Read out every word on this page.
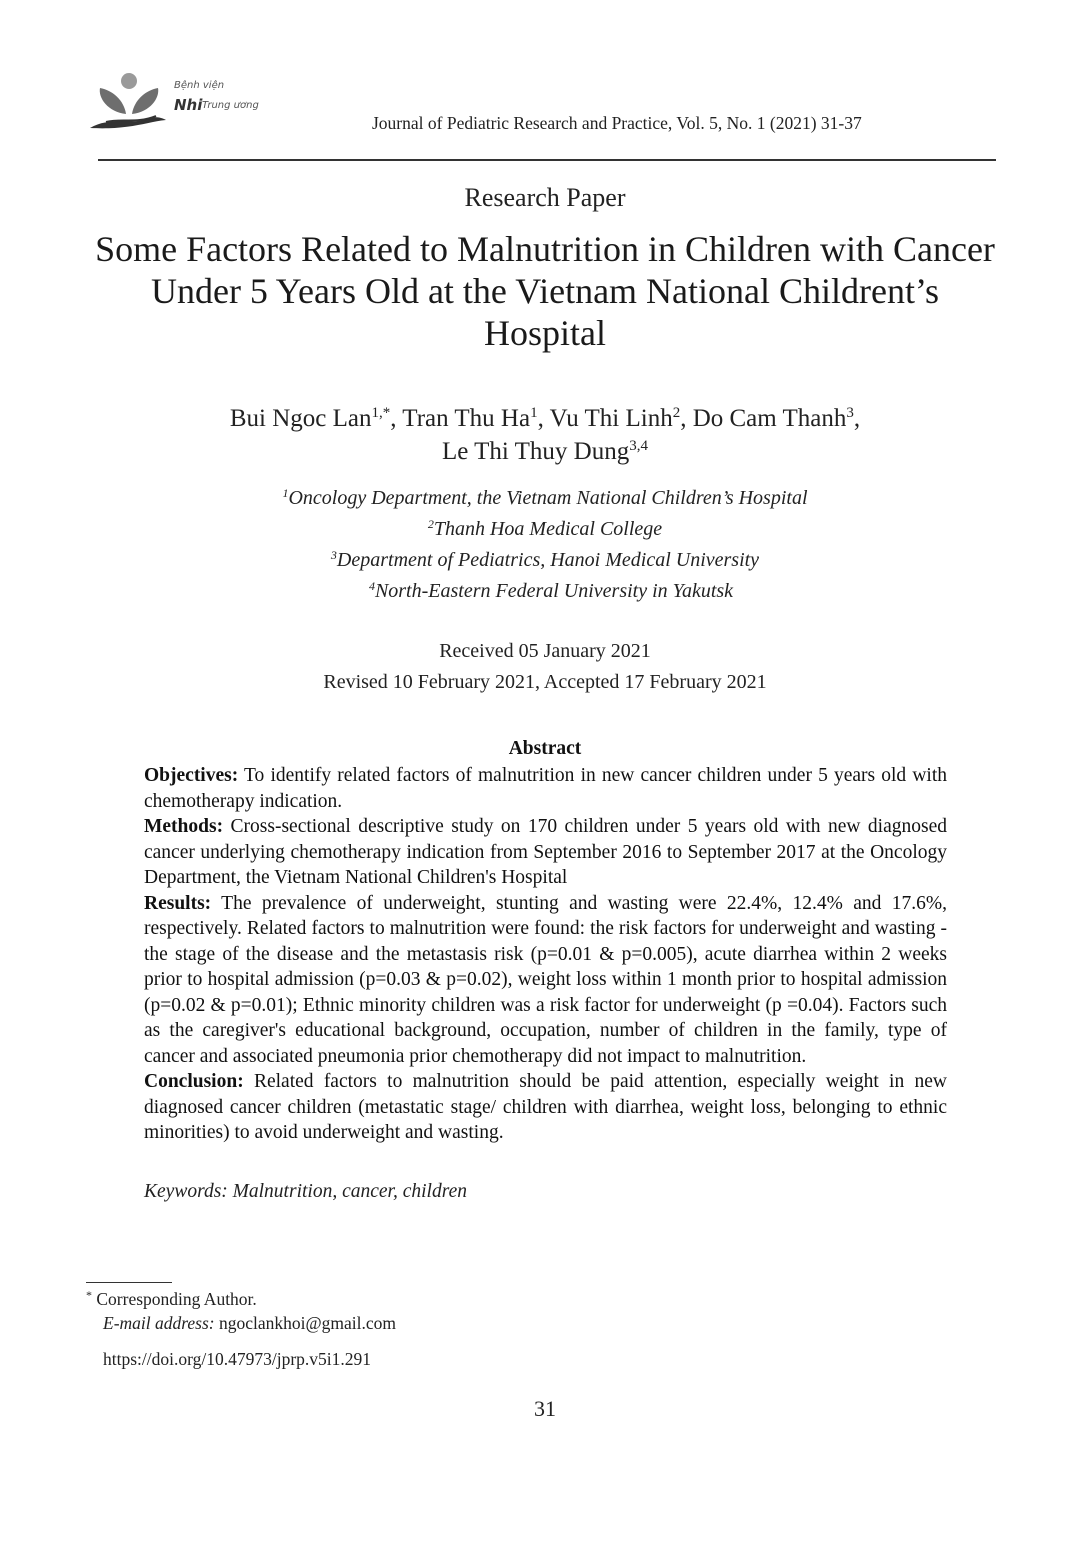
Bệnh viện
Nhi Trung ương
Journal of Pediatric Research and Practice, Vol. 5, No. 1 (2021) 31-37
Research Paper
Some Factors Related to Malnutrition in Children with Cancer
Under 5 Years Old at the Vietnam National Childrent’s
Hospital
Bui Ngoc Lan$^{1,*}$, Tran Thu Ha$^1$, Vu Thi Linh$^2$, Do Cam Thanh$^3$,
Le Thi Thuy Dung$^{3,4}$
$^1$Oncology Department, the Vietnam National Children’s Hospital
$^2$Thanh Hoa Medical College
$^3$Department of Pediatrics, Hanoi Medical University
$^4$North-Eastern Federal University in Yakutsk
Received 05 January 2021
Revised 10 February 2021, Accepted 17 February 2021
Abstract

Objectives: To identify related factors of malnutrition in new cancer children under 5 years old with chemotherapy indication.

Methods: Cross-sectional descriptive study on 170 children under 5 years old with new diagnosed cancer underlying chemotherapy indication from September 2016 to September 2017 at the Oncology Department, the Vietnam National Children's Hospital

Results: The prevalence of underweight, stunting and wasting were 22.4%, 12.4% and 17.6%, respectively. Related factors to malnutrition were found: the risk factors for underweight and wasting - the stage of the disease and the metastasis risk (p=0.01 & p=0.005), acute diarrhea within 2 weeks prior to hospital admission (p=0.03 & p=0.02), weight loss within 1 month prior to hospital admission (p=0.02 & p=0.01); Ethnic minority children was a risk factor for underweight (p =0.04). Factors such as the caregiver's educational background, occupation, number of children in the family, type of cancer and associated pneumonia prior chemotherapy did not impact to malnutrition.

Conclusion: Related factors to malnutrition should be paid attention, especially weight in new diagnosed cancer children (metastatic stage/ children with diarrhea, weight loss, belonging to ethnic minorities) to avoid underweight and wasting.

Keywords: Malnutrition, cancer, children
* Corresponding Author.
E-mail address: ngoclankhoi@gmail.com
https://doi.org/10.47973/jprp.v5i1.291
31
